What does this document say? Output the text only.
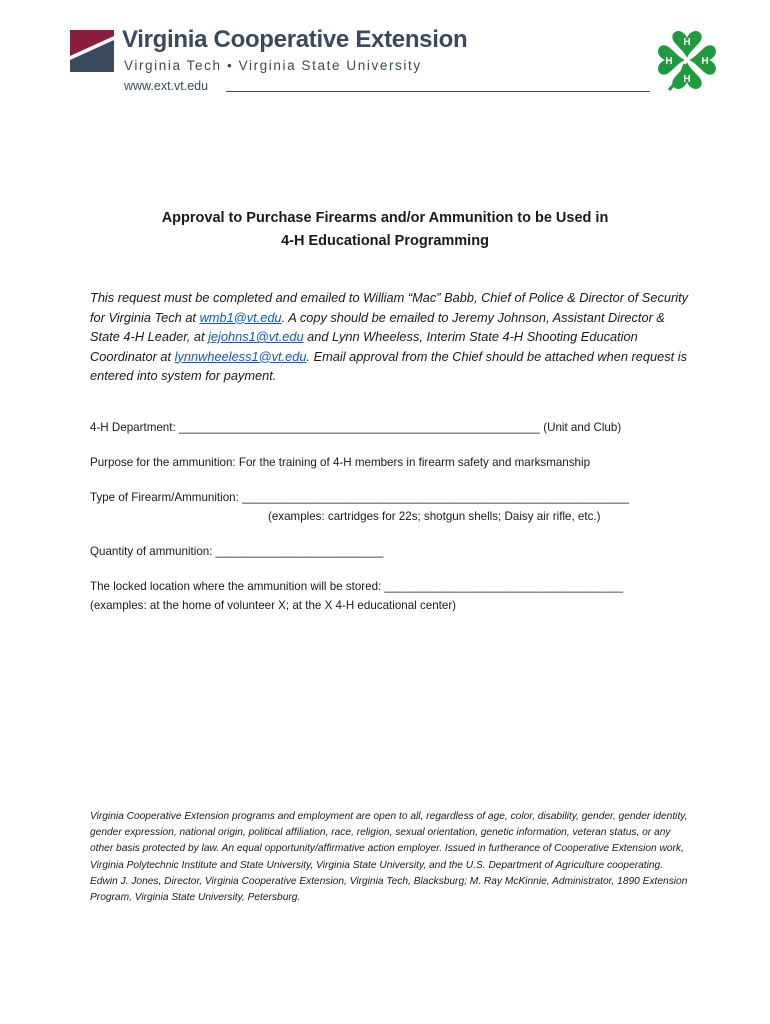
Virginia Cooperative Extension
Virginia Tech • Virginia State University
www.ext.vt.edu
H
H
H
H
Approval to Purchase Firearms and/or Ammunition to be Used in
4-H Educational Programming
This request must be completed and emailed to William “Mac” Babb, Chief of Police & Director of Security for Virginia Tech at wmb1@vt.edu. A copy should be emailed to Jeremy Johnson, Assistant Director & State 4-H Leader, at jejohns1@vt.edu and Lynn Wheeless, Interim State 4-H Shooting Education Coordinator at lynnwheeless1@vt.edu. Email approval from the Chief should be attached when request is entered into system for payment.
4-H Department: ________________________________________________________ (Unit and Club)
Purpose for the ammunition: For the training of 4-H members in firearm safety and marksmanship
Type of Firearm/Ammunition: ____________________________________________________________
(examples: cartridges for 22s; shotgun shells; Daisy air rifle, etc.)
Quantity of ammunition: __________________________
The locked location where the ammunition will be stored: _____________________________________
(examples: at the home of volunteer X; at the X 4-H educational center)
Virginia Cooperative Extension programs and employment are open to all, regardless of age, color, disability, gender, gender identity, gender expression, national origin, political affiliation, race, religion, sexual orientation, genetic information, veteran status, or any other basis protected by law. An equal opportunity/affirmative action employer. Issued in furtherance of Cooperative Extension work, Virginia Polytechnic Institute and State University, Virginia State University, and the U.S. Department of Agriculture cooperating. Edwin J. Jones, Director, Virginia Cooperative Extension, Virginia Tech, Blacksburg; M. Ray McKinnie, Administrator, 1890 Extension Program, Virginia State University, Petersburg.
